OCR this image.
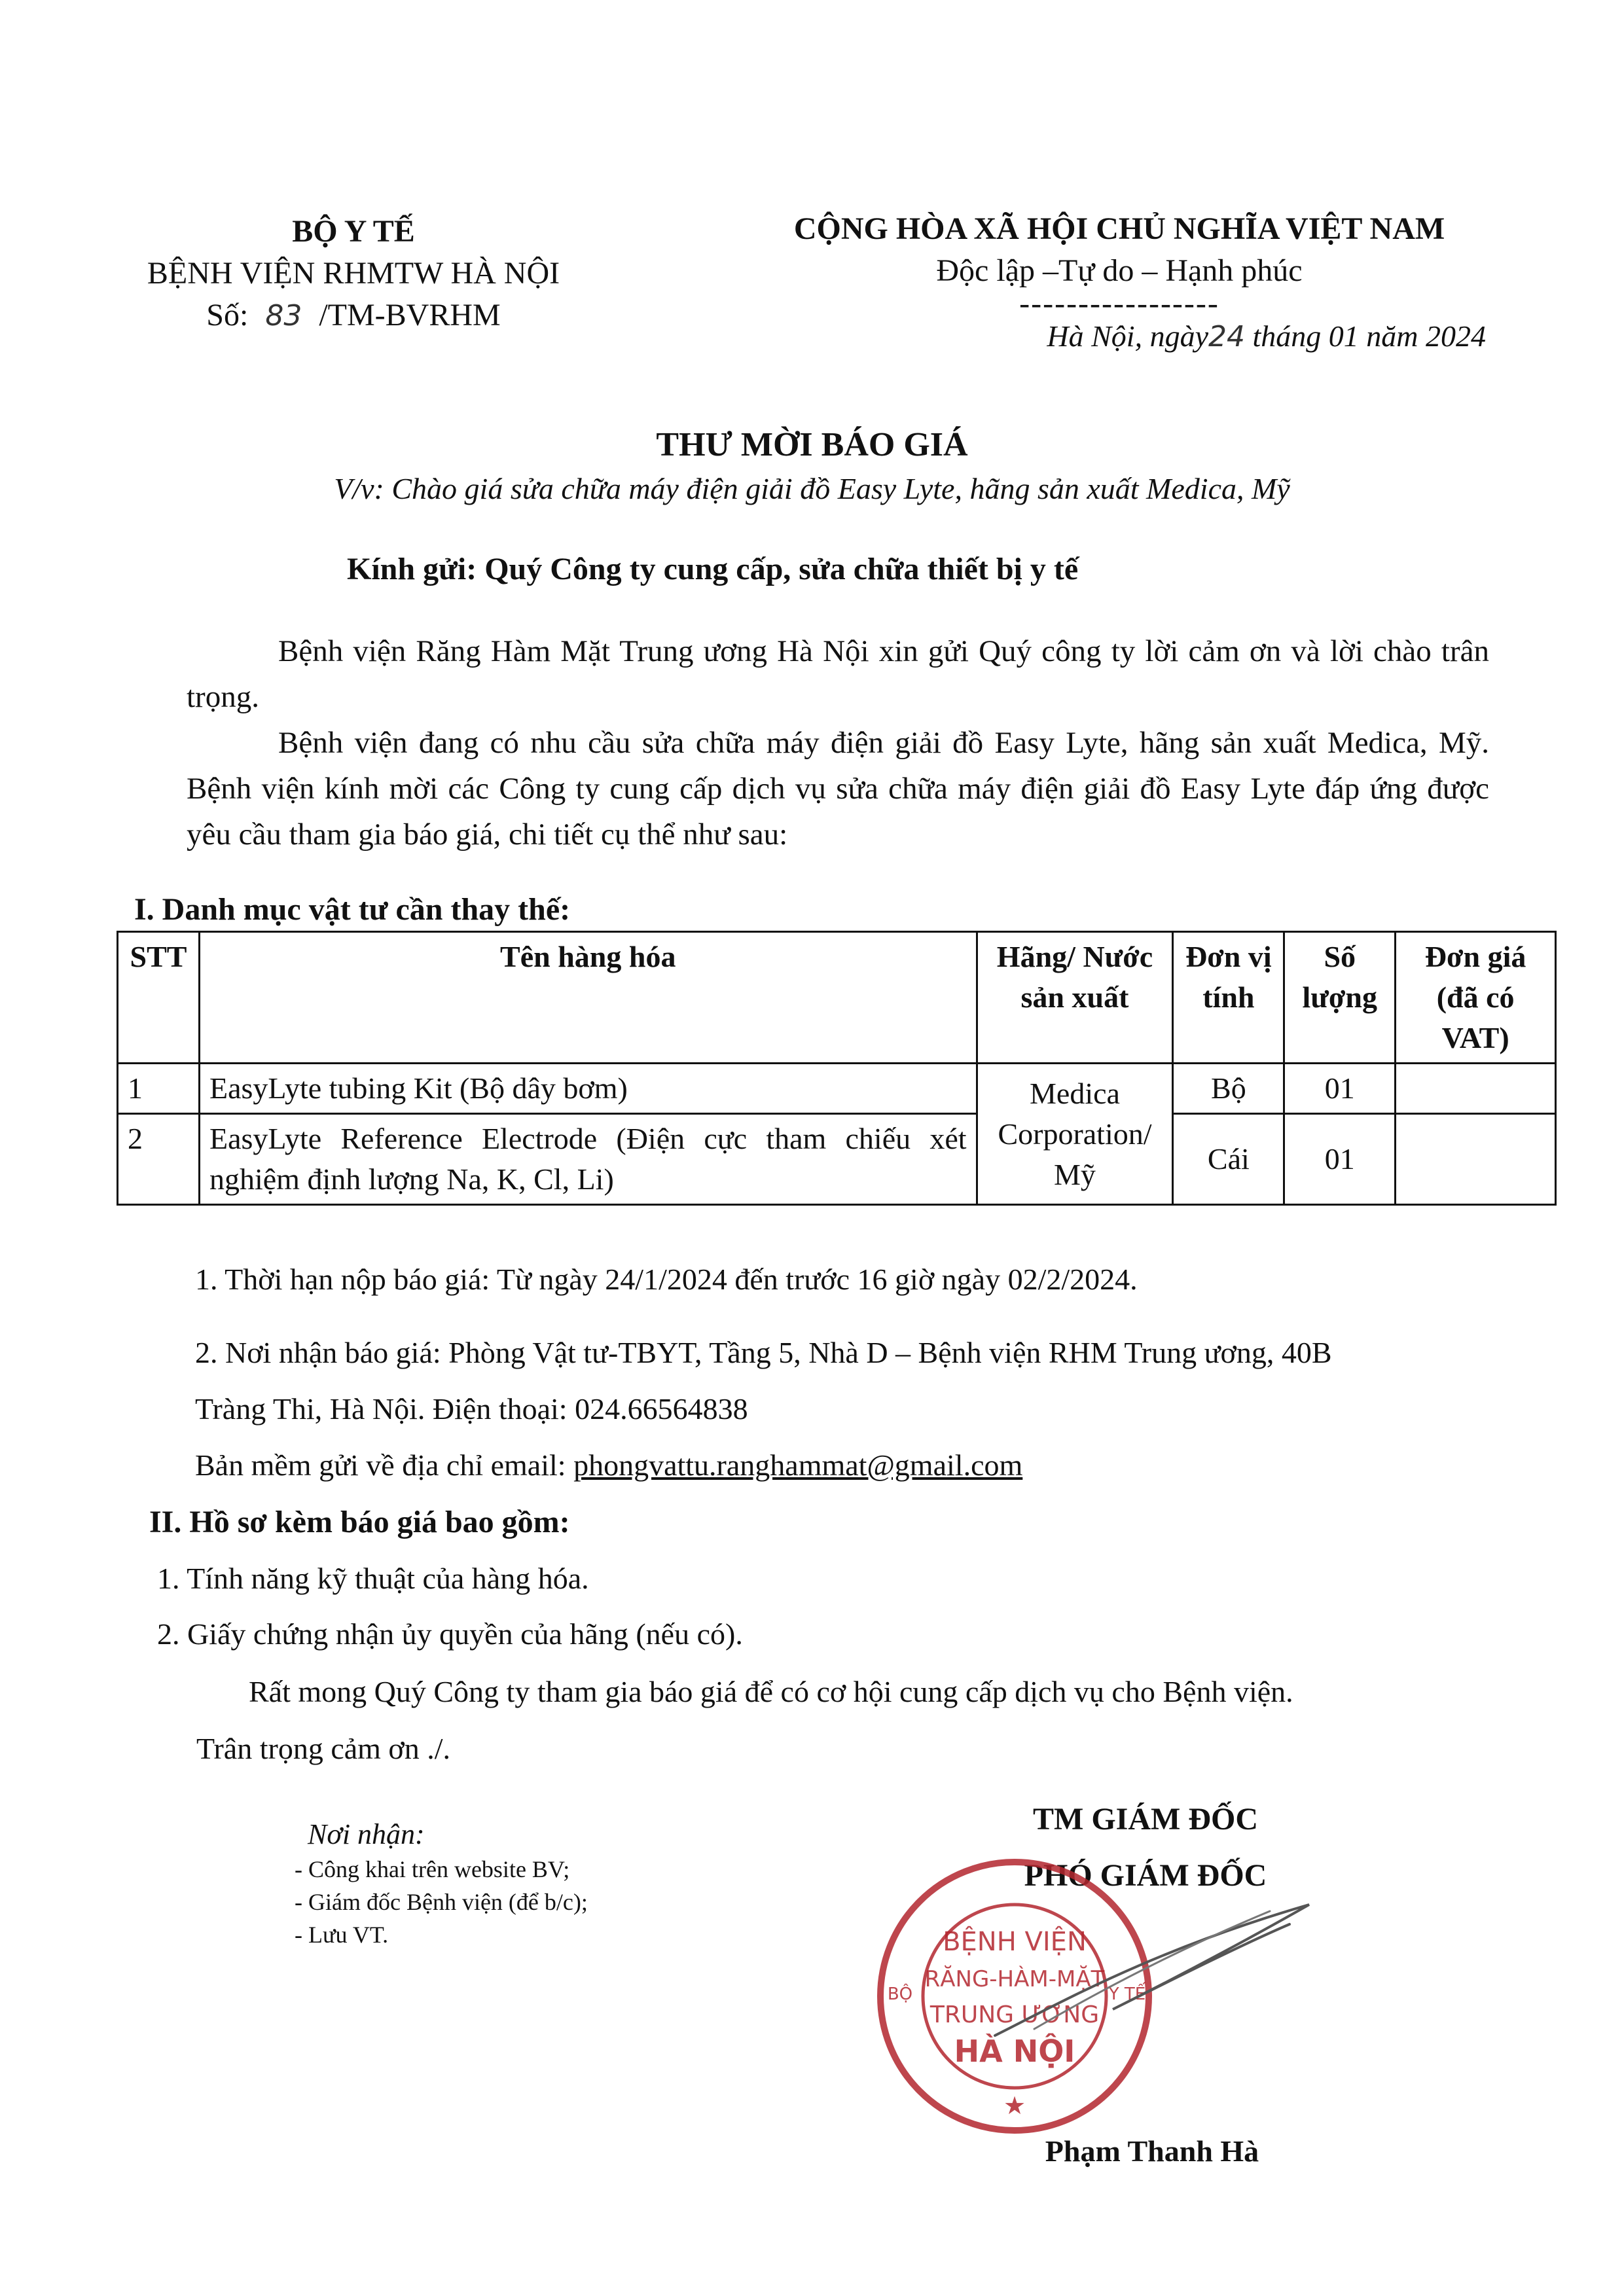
BỘ Y TẾ
BỆNH VIỆN RHMTW HÀ NỘI
Số: 83 /TM-BVRHM
CỘNG HÒA XÃ HỘI CHỦ NGHĨA VIỆT NAM
Độc lập –Tự do – Hạnh phúc
-----------------
Hà Nội, ngày24 tháng 01 năm 2024
THƯ MỜI BÁO GIÁ
V/v: Chào giá sửa chữa máy điện giải đồ Easy Lyte, hãng sản xuất Medica, Mỹ
Kính gửi: Quý Công ty cung cấp, sửa chữa thiết bị y tế
Bệnh viện Răng Hàm Mặt Trung ương Hà Nội xin gửi Quý công ty lời cảm ơn và lời chào trân trọng.
Bệnh viện đang có nhu cầu sửa chữa máy điện giải đồ Easy Lyte, hãng sản xuất Medica, Mỹ. Bệnh viện kính mời các Công ty cung cấp dịch vụ sửa chữa máy điện giải đồ Easy Lyte đáp ứng được yêu cầu tham gia báo giá, chi tiết cụ thể như sau:
I. Danh mục vật tư cần thay thế:
STT	Tên hàng hóa	Hãng/ Nước sản xuất	Đơn vị tính	Số lượng	Đơn giá (đã có VAT)
1	EasyLyte tubing Kit (Bộ dây bơm)	Medica Corporation/ Mỹ	Bộ	01	
2	EasyLyte Reference Electrode (Điện cực tham chiếu xét nghiệm định lượng Na, K, Cl, Li)		Cái	01	
1. Thời hạn nộp báo giá: Từ ngày 24/1/2024 đến trước 16 giờ ngày 02/2/2024.
2. Nơi nhận báo giá: Phòng Vật tư-TBYT, Tầng 5, Nhà D – Bệnh viện RHM Trung ương, 40B
Tràng Thi, Hà Nội. Điện thoại: 024.66564838
Bản mềm gửi về địa chỉ email: phongvattu.ranghammat@gmail.com
II. Hồ sơ kèm báo giá bao gồm:
1. Tính năng kỹ thuật của hàng hóa.
2. Giấy chứng nhận ủy quyền của hãng (nếu có).
Rất mong Quý Công ty tham gia báo giá để có cơ hội cung cấp dịch vụ cho Bệnh viện.
Trân trọng cảm ơn ./.
Nơi nhận:
- Công khai trên website BV;
- Giám đốc Bệnh viện (để b/c);
- Lưu VT.
TM GIÁM ĐỐC
PHÓ GIÁM ĐỐC
BỆNH VIỆN
RĂNG-HÀM-MẶT
TRUNG ƯƠNG
HÀ NỘI
BỘ	Y TẾ
★
Phạm Thanh Hà
